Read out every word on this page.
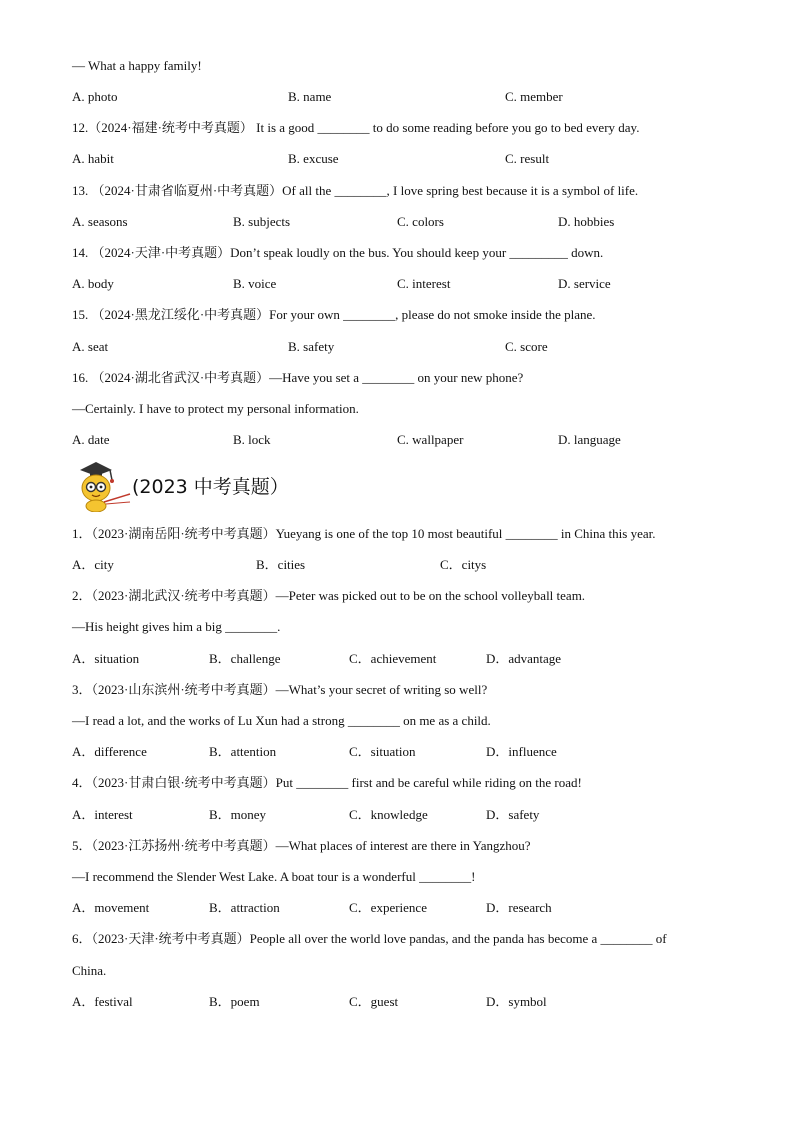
— What a happy family!
A. photo	B. name	C. member
12.（2024·福建·统考中考真题） It is a good ________ to do some reading before you go to bed every day.
A. habit	B. excuse	C. result
13. （2024·甘肃省临夏州·中考真题）Of all the ________, I love spring best because it is a symbol of life.
A. seasons	B. subjects	C. colors	D. hobbies
14. （2024·天津·中考真题）Don’t speak loudly on the bus. You should keep your _________ down.
A. body	B. voice	C. interest	D. service
15. （2024·黑龙江绥化·中考真题）For your own ________, please do not smoke inside the plane.
A. seat	B. safety	C. score
16. （2024·湖北省武汉·中考真题）—Have you set a ________ on your new phone?
—Certainly. I have to protect my personal information.
A. date	B. lock	C. wallpaper	D. language
1．（2023·湖南岳阳·统考中考真题）Yueyang is one of the top 10 most beautiful ________ in China this year.
A．city	B．cities	C．citys
2．（2023·湖北武汉·统考中考真题）—Peter was picked out to be on the school volleyball team.
—His height gives him a big ________.
A．situation	B．challenge	C．achievement	D．advantage
3．（2023·山东滨州·统考中考真题）—What’s your secret of writing so well?
—I read a lot, and the works of Lu Xun had a strong ________ on me as a child.
A．difference	B．attention	C．situation	D．influence
4．（2023·甘肃白银·统考中考真题）Put ________ first and be careful while riding on the road!
A．interest	B．money	C．knowledge	D．safety
5．（2023·江苏扬州·统考中考真题）—What places of interest are there in Yangzhou?
—I recommend the Slender West Lake. A boat tour is a wonderful ________!
A．movement	B．attraction	C．experience	D．research
6．（2023·天津·统考中考真题）People all over the world love pandas, and the panda has become a ________ of
China.
A．festival	B．poem	C．guest	D．symbol
(2023 中考真题）
